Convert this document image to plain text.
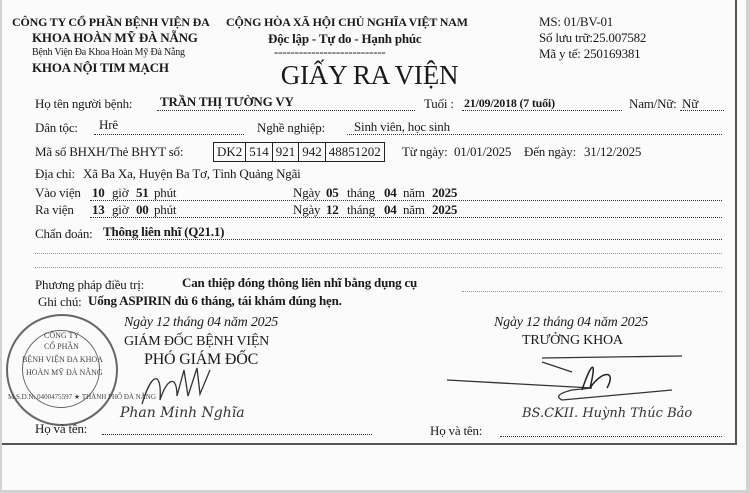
CÔNG TY CỔ PHẦN BỆNH VIỆN ĐA
KHOA HOÀN MỸ ĐÀ NẴNG
Bệnh Viện Đa Khoa Hoàn Mỹ Đà Nẵng
KHOA NỘI TIM MẠCH
CỘNG HÒA XÃ HỘI CHỦ NGHĨA VIỆT NAM
Độc lập - Tự do - Hạnh phúc
---------------------------
MS: 01/BV-01
Số lưu trữ:25.007582
Mã y tế: 250169381
GIẤY RA VIỆN
Họ tên người bệnh: TRẦN THỊ TƯỜNG VY	Tuổi : 21/09/2018 (7 tuổi)	Nam/Nữ: Nữ
Dân tộc: Hrê	Nghề nghiệp: Sinh viên, học sinh
Mã số BHXH/Thẻ BHYT số:	DK2 514 921 942 48851202 Từ ngày: 01/01/2025 Đến ngày: 31/12/2025
Địa chỉ: Xã Ba Xa, Huyện Ba Tơ, Tỉnh Quảng Ngãi
Vào viện 10 giờ 51 phút	Ngày 05 tháng 04 năm 2025
Ra viện 13 giờ 00 phút	Ngày 12 tháng 04 năm 2025
Chẩn đoán: Thông liên nhĩ (Q21.1)
Phương pháp điều trị:	Can thiệp đóng thông liên nhĩ bằng dụng cụ
Ghi chú: Uống ASPIRIN đủ 6 tháng, tái khám đúng hẹn.
CÔNG TY
CỔ PHẦN
BỆNH VIỆN ĐA KHOA
HOÀN MỸ ĐÀ NẴNG
M.S.D.N: 0400475597 ★ THÀNH PHỐ ĐÀ NẴNG
Ngày 12 tháng 04 năm 2025
GIÁM ĐỐC BỆNH VIỆN
PHÓ GIÁM ĐỐC
Phan Minh Nghĩa
Họ và tên:
Ngày 12 tháng 04 năm 2025
TRƯỞNG KHOA
BS.CKII. Huỳnh Thúc Bảo
Họ và tên:
